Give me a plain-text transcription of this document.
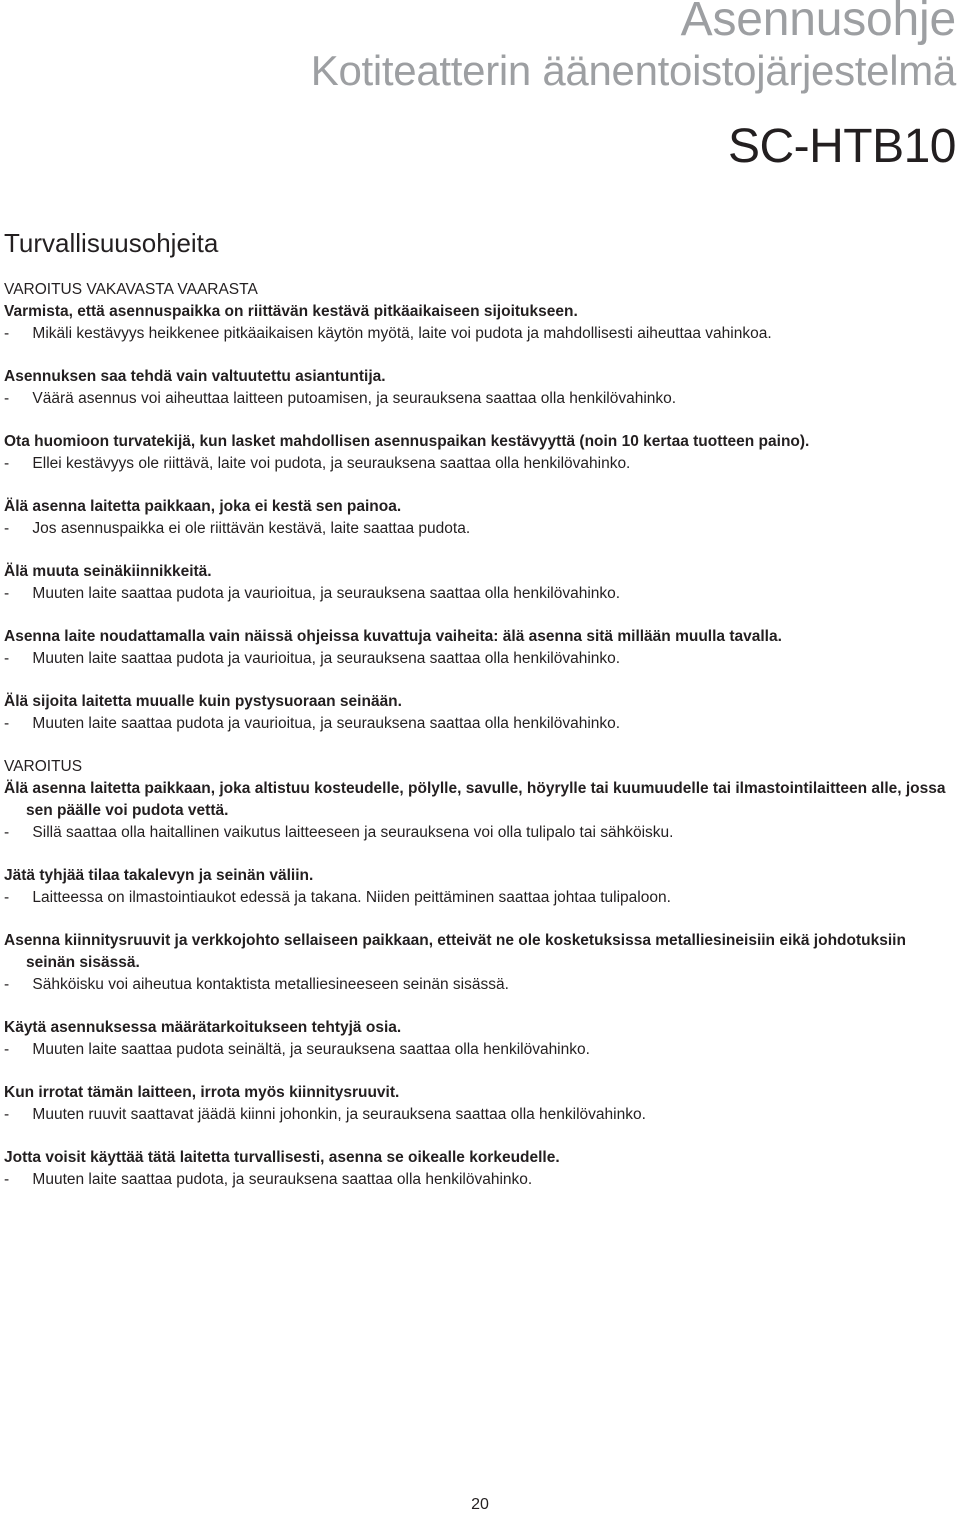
Asennusohje
Kotiteatterin äänentoistojärjestelmä
SC-HTB10
Turvallisuusohjeita
VAROITUS VAKAVASTA VAARASTA
Varmista, että asennuspaikka on riittävän kestävä pitkäaikaiseen sijoitukseen.
-  Mikäli kestävyys heikkenee pitkäaikaisen käytön myötä, laite voi pudota ja mahdollisesti aiheuttaa vahinkoa.
Asennuksen saa tehdä vain valtuutettu asiantuntija.
-  Väärä asennus voi aiheuttaa laitteen putoamisen, ja seurauksena saattaa olla henkilövahinko.
Ota huomioon turvatekijä, kun lasket mahdollisen asennuspaikan kestävyyttä (noin 10 kertaa tuotteen paino).
-  Ellei kestävyys ole riittävä, laite voi pudota, ja seurauksena saattaa olla henkilövahinko.
Älä asenna laitetta paikkaan, joka ei kestä sen painoa.
-  Jos asennuspaikka ei ole riittävän kestävä, laite saattaa pudota.
Älä muuta seinäkiinnikkeitä.
-  Muuten laite saattaa pudota ja vaurioitua, ja seurauksena saattaa olla henkilövahinko.
Asenna laite noudattamalla vain näissä ohjeissa kuvattuja vaiheita: älä asenna sitä millään muulla tavalla.
-  Muuten laite saattaa pudota ja vaurioitua, ja seurauksena saattaa olla henkilövahinko.
Älä sijoita laitetta muualle kuin pystysuoraan seinään.
-  Muuten laite saattaa pudota ja vaurioitua, ja seurauksena saattaa olla henkilövahinko.
VAROITUS
Älä asenna laitetta paikkaan, joka altistuu kosteudelle, pölylle, savulle, höyrylle tai kuumuudelle tai ilmastointilaitteen alle, jossa sen päälle voi pudota vettä.
-  Sillä saattaa olla haitallinen vaikutus laitteeseen ja seurauksena voi olla tulipalo tai sähköisku.
Jätä tyhjää tilaa takalevyn ja seinän väliin.
-  Laitteessa on ilmastointiaukot edessä ja takana. Niiden peittäminen saattaa johtaa tulipaloon.
Asenna kiinnitysruuvit ja verkkojohto sellaiseen paikkaan, etteivät ne ole kosketuksissa metalliesineisiin eikä johdotuksiin seinän sisässä.
-  Sähköisku voi aiheutua kontaktista metalliesineeseen seinän sisässä.
Käytä asennuksessa määrätarkoitukseen tehtyjä osia.
-  Muuten laite saattaa pudota seinältä, ja seurauksena saattaa olla henkilövahinko.
Kun irrotat tämän laitteen, irrota myös kiinnitysruuvit.
-  Muuten ruuvit saattavat jäädä kiinni johonkin, ja seurauksena saattaa olla henkilövahinko.
Jotta voisit käyttää tätä laitetta turvallisesti, asenna se oikealle korkeudelle.
-  Muuten laite saattaa pudota, ja seurauksena saattaa olla henkilövahinko.
20
